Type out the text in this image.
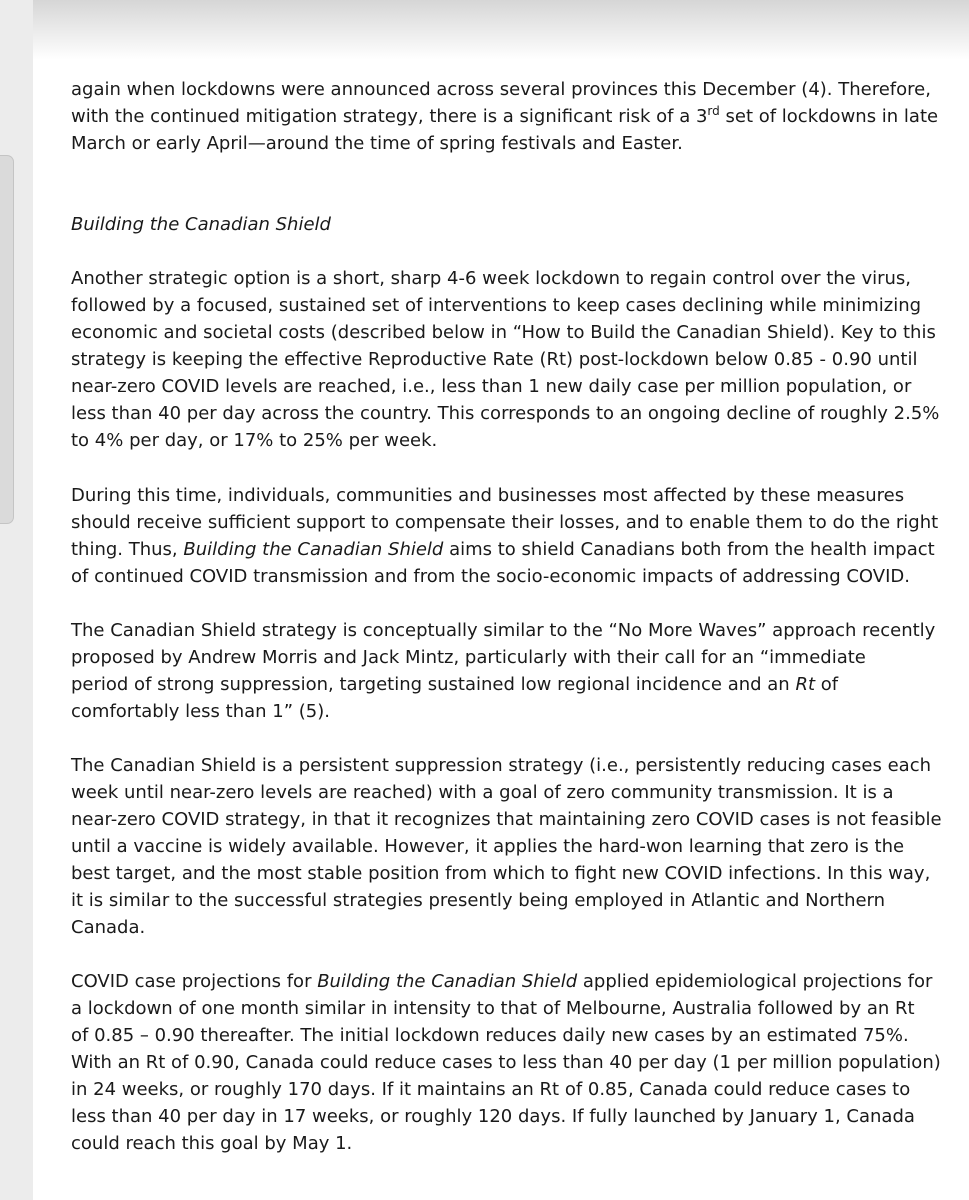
again when lockdowns were announced across several provinces this December (4). Therefore,
with the continued mitigation strategy, there is a significant risk of a 3rd set of lockdowns in late
March or early April—around the time of spring festivals and Easter.

Building the Canadian Shield

Another strategic option is a short, sharp 4-6 week lockdown to regain control over the virus,
followed by a focused, sustained set of interventions to keep cases declining while minimizing
economic and societal costs (described below in “How to Build the Canadian Shield). Key to this
strategy is keeping the effective Reproductive Rate (Rt) post-lockdown below 0.85 - 0.90 until
near-zero COVID levels are reached, i.e., less than 1 new daily case per million population, or
less than 40 per day across the country. This corresponds to an ongoing decline of roughly 2.5%
to 4% per day, or 17% to 25% per week.

During this time, individuals, communities and businesses most affected by these measures
should receive sufficient support to compensate their losses, and to enable them to do the right
thing. Thus, Building the Canadian Shield aims to shield Canadians both from the health impact
of continued COVID transmission and from the socio-economic impacts of addressing COVID.

The Canadian Shield strategy is conceptually similar to the “No More Waves” approach recently
proposed by Andrew Morris and Jack Mintz, particularly with their call for an “immediate
period of strong suppression, targeting sustained low regional incidence and an Rt of
comfortably less than 1” (5).

The Canadian Shield is a persistent suppression strategy (i.e., persistently reducing cases each
week until near-zero levels are reached) with a goal of zero community transmission. It is a
near-zero COVID strategy, in that it recognizes that maintaining zero COVID cases is not feasible
until a vaccine is widely available. However, it applies the hard-won learning that zero is the
best target, and the most stable position from which to fight new COVID infections. In this way,
it is similar to the successful strategies presently being employed in Atlantic and Northern
Canada.

COVID case projections for Building the Canadian Shield applied epidemiological projections for
a lockdown of one month similar in intensity to that of Melbourne, Australia followed by an Rt
of 0.85 – 0.90 thereafter. The initial lockdown reduces daily new cases by an estimated 75%.
With an Rt of 0.90, Canada could reduce cases to less than 40 per day (1 per million population)
in 24 weeks, or roughly 170 days. If it maintains an Rt of 0.85, Canada could reduce cases to
less than 40 per day in 17 weeks, or roughly 120 days. If fully launched by January 1, Canada
could reach this goal by May 1.
